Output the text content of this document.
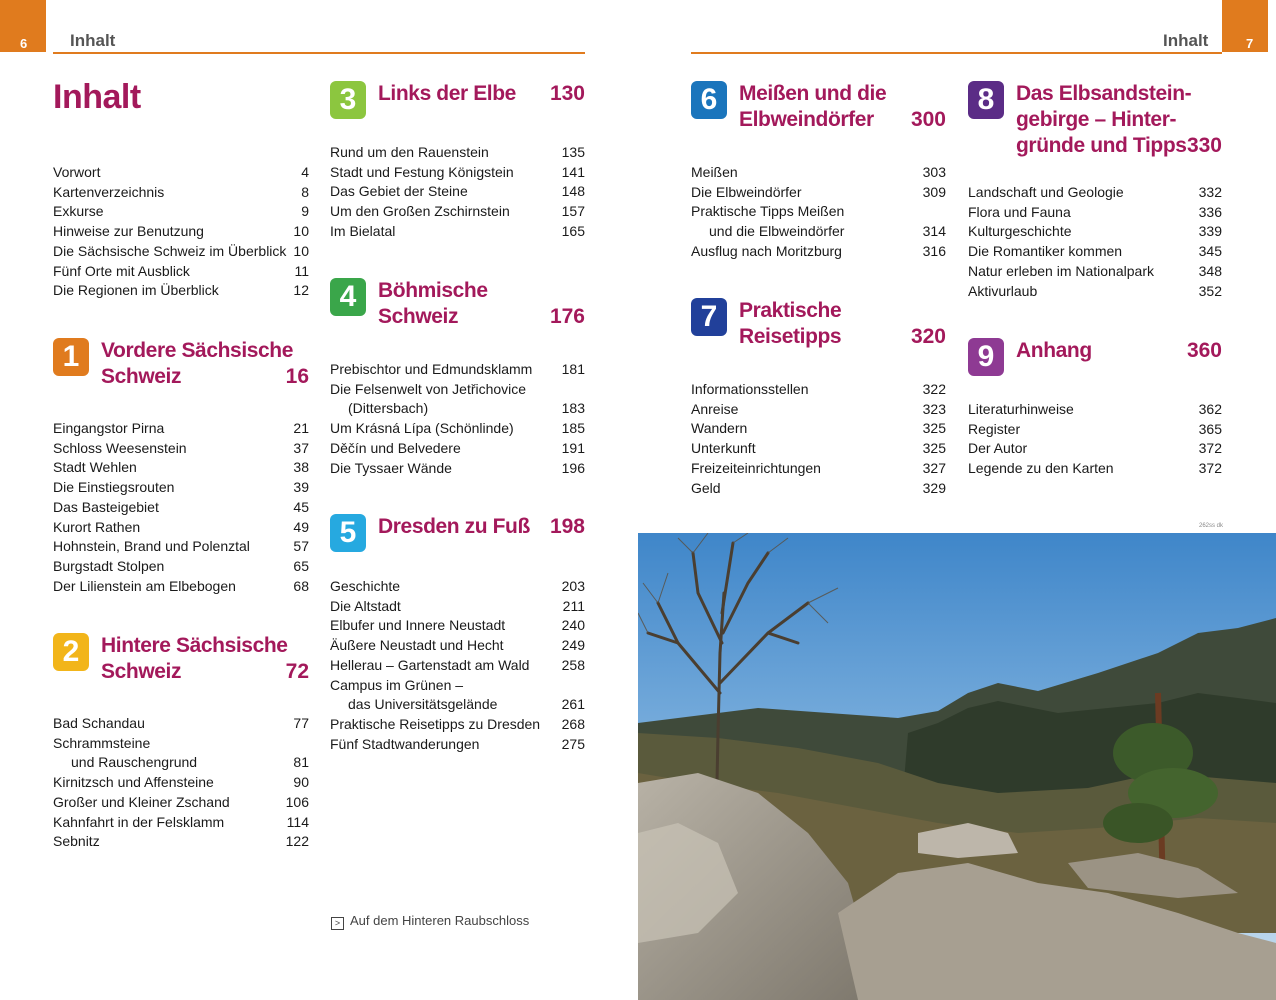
6	7
Inhalt	Inhalt
Inhalt
Vorwort	4
Kartenverzeichnis	8
Exkurse	9
Hinweise zur Benutzung	10
Die Sächsische Schweiz im Überblick 10
Fünf Orte mit Ausblick	11
Die Regionen im Überblick	12
1	Vordere Sächsische
Schweiz	16
Eingangstor Pirna	21
Schloss Weesenstein	37
Stadt Wehlen	38
Die Einstiegsrouten	39
Das Basteigebiet	45
Kurort Rathen	49
Hohnstein, Brand und Polenztal	57
Burgstadt Stolpen	65
Der Lilienstein am Elbebogen	68
2	Hintere Sächsische
Schweiz	72
Bad Schandau	77
Schrammsteine
und Rauschengrund	81
Kirnitzsch und Affensteine	90
Großer und Kleiner Zschand	106
Kahnfahrt in der Felsklamm	114
Sebnitz	122
3	Links der Elbe 130
Rund um den Rauenstein	135
Stadt und Festung Königstein	141
Das Gebiet der Steine	148
Um den Großen Zschirnstein	157
Im Bielatal	165
4	Böhmische
Schweiz	176
Prebischtor und Edmundsklamm 181
Die Felsenwelt von Jetřichovice
(Dittersbach)	183
Um Krásná Lípa (Schönlinde)	185
Děčín und Belvedere	191
Die Tyssaer Wände	196
5	Dresden zu Fuß 198
Geschichte	203
Die Altstadt	211
Elbufer und Innere Neustadt	240
Äußere Neustadt und Hecht	249
Hellerau – Gartenstadt am Wald 258
Campus im Grünen –
das Universitätsgelände	261
Praktische Reisetipps zu Dresden 268
Fünf Stadtwanderungen	275
6	Meißen und die
Elbweindörfer	300
Meißen	303
Die Elbweindörfer	309
Praktische Tipps Meißen
und die Elbweindörfer	314
Ausflug nach Moritzburg	316
7	Praktische
Reisetipps	320
Informationsstellen	322
Anreise	323
Wandern	325
Unterkunft	325
Freizeiteinrichtungen	327
Geld	329
8	Das Elbsandstein-
gebirge – Hinter-
gründe und Tipps 330
Landschaft und Geologie	332
Flora und Fauna	336
Kulturgeschichte	339
Die Romantiker kommen	345
Natur erleben im Nationalpark	348
Aktivurlaub	352
9	Anhang	360
Literaturhinweise	362
Register	365
Der Autor	372
Legende zu den Karten	372
> Auf dem Hinteren Raubschloss
262ss dk
